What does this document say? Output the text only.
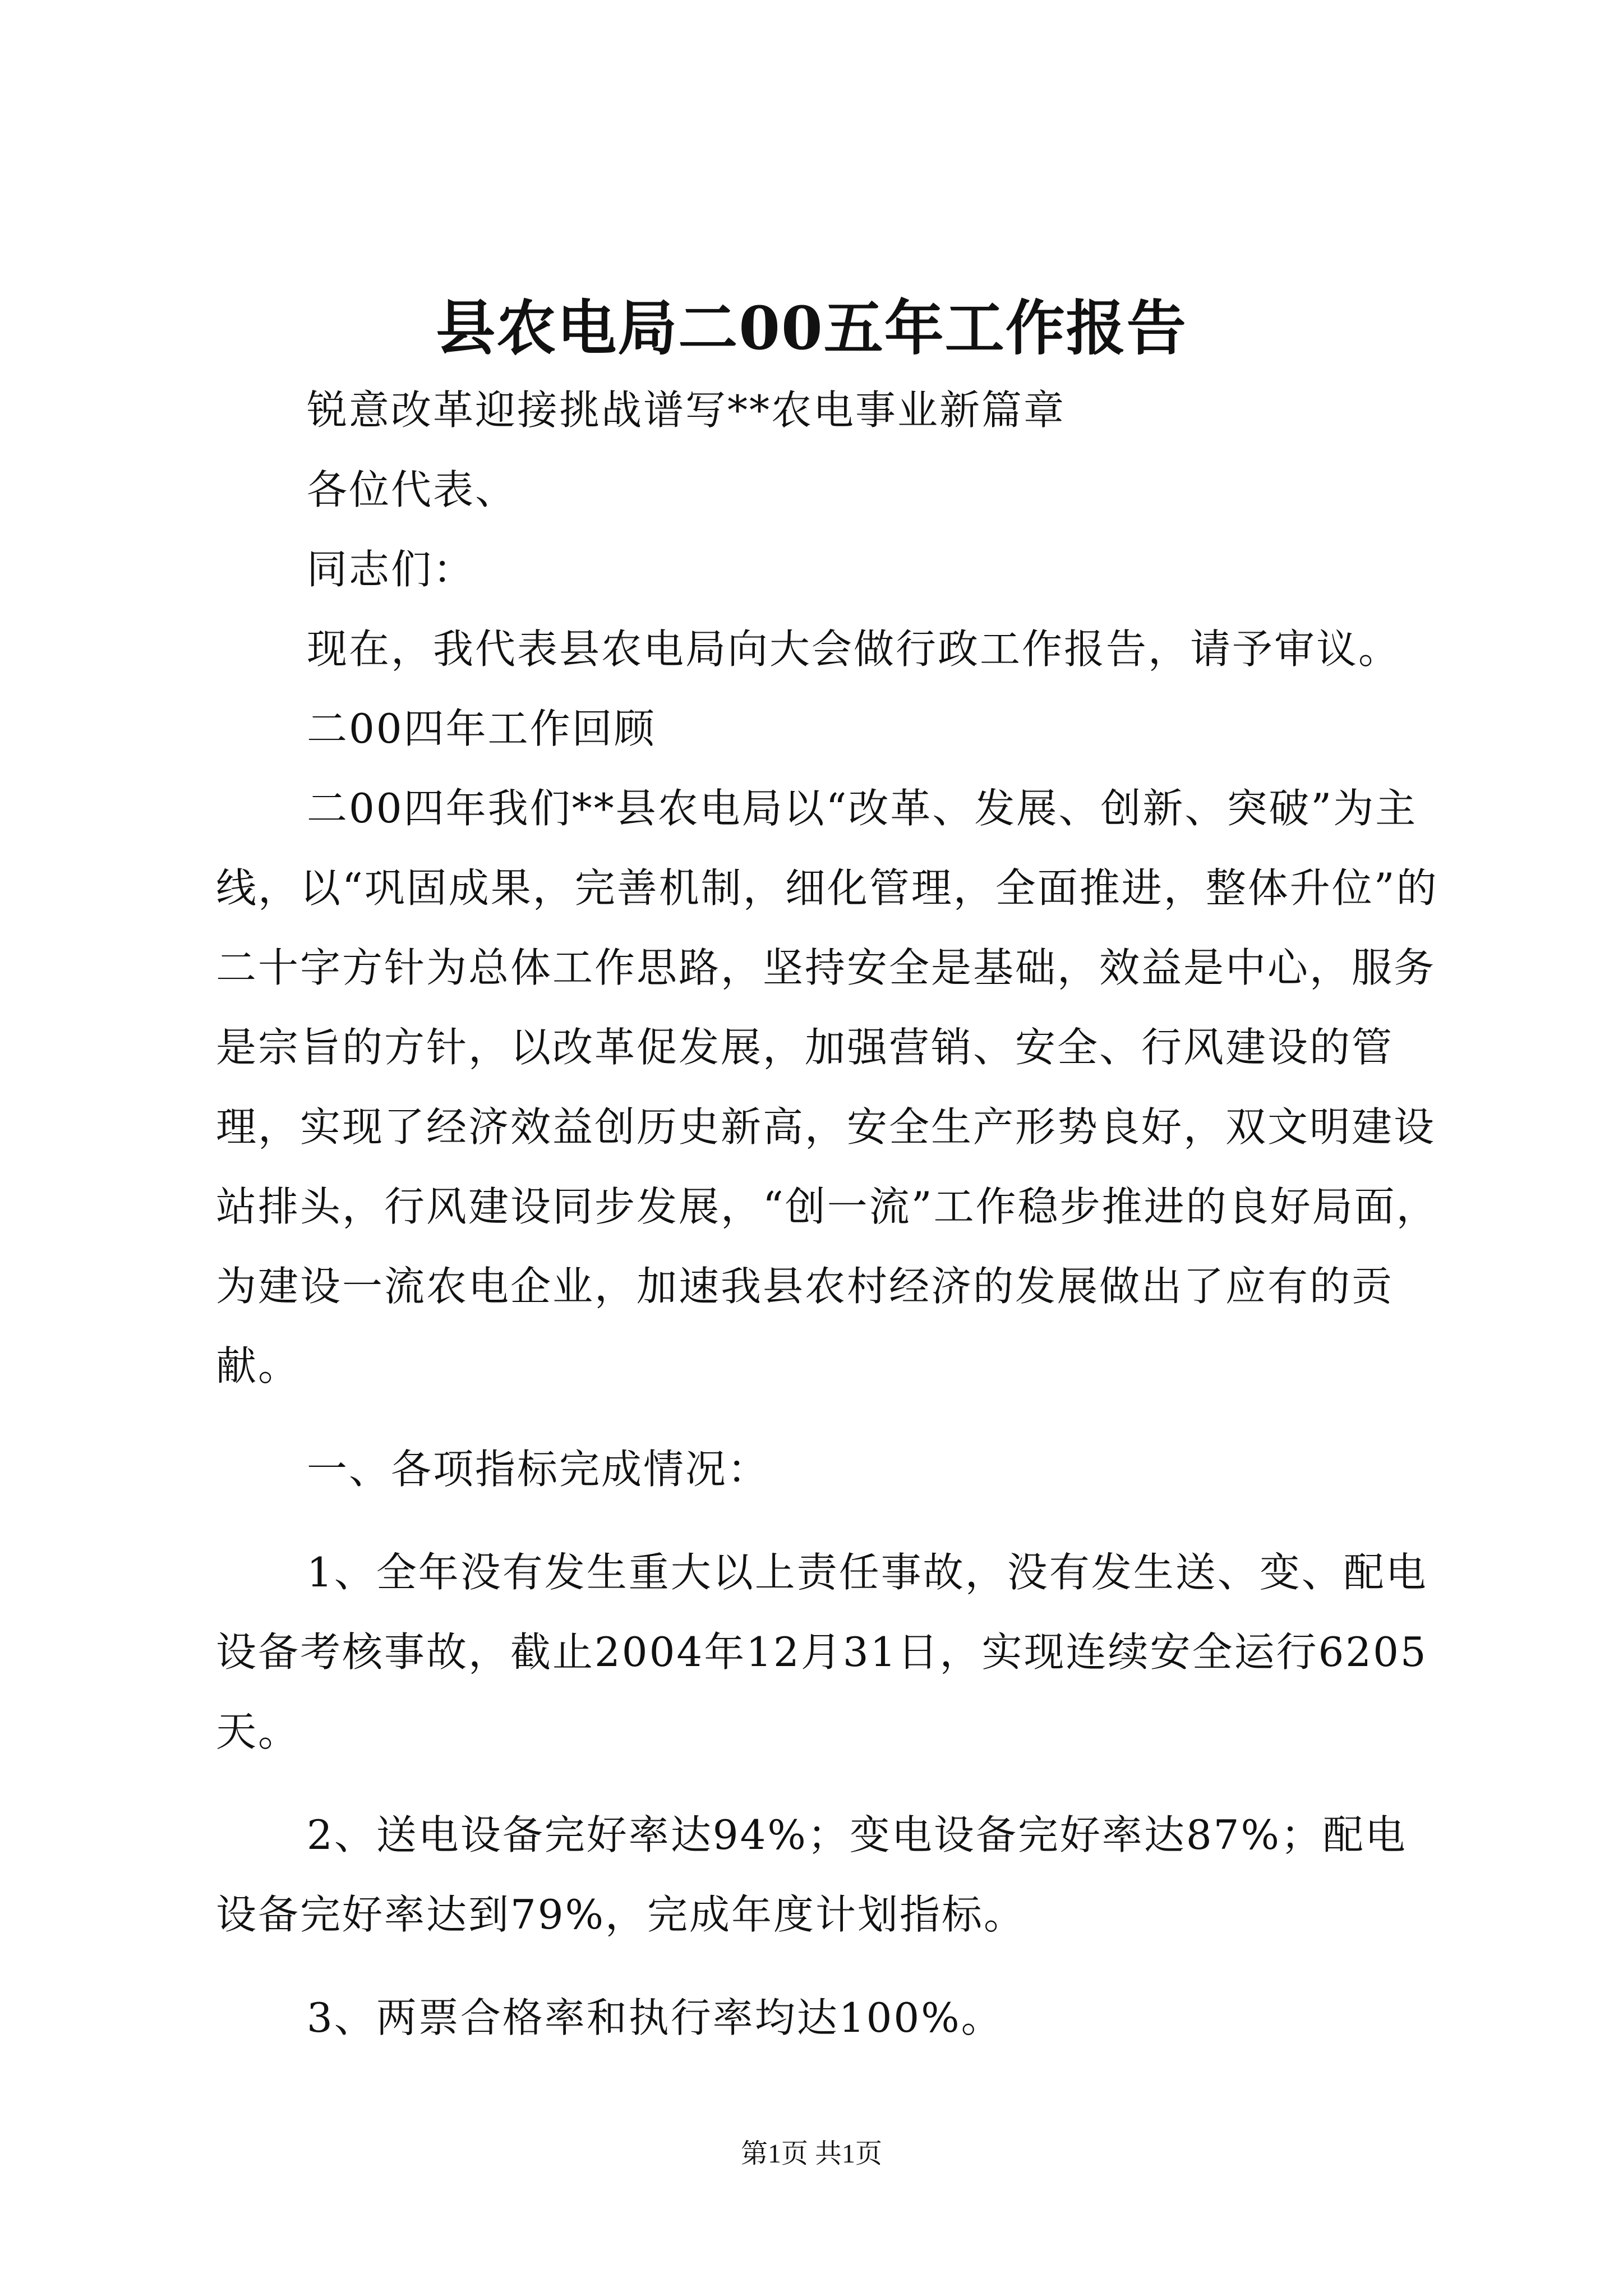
县农电局二00五年工作报告

锐意改革迎接挑战谱写**农电事业新篇章

各位代表、

同志们：

现在，我代表县农电局向大会做行政工作报告，请予审议。

二00四年工作回顾

二00四年我们**县农电局以“改革、发展、创新、突破”为主线，以“巩固成果，完善机制，细化管理，全面推进，整体升位”的二十字方针为总体工作思路，坚持安全是基础，效益是中心，服务是宗旨的方针，以改革促发展，加强营销、安全、行风建设的管理，实现了经济效益创历史新高，安全生产形势良好，双文明建设站排头，行风建设同步发展，“创一流”工作稳步推进的良好局面，为建设一流农电企业，加速我县农村经济的发展做出了应有的贡献。

一、各项指标完成情况：

1、全年没有发生重大以上责任事故，没有发生送、变、配电设备考核事故，截止2004年12月31日，实现连续安全运行6205天。

2、送电设备完好率达94%；变电设备完好率达87%；配电设备完好率达到79%，完成年度计划指标。

3、两票合格率和执行率均达100%。

第1页 共1页
